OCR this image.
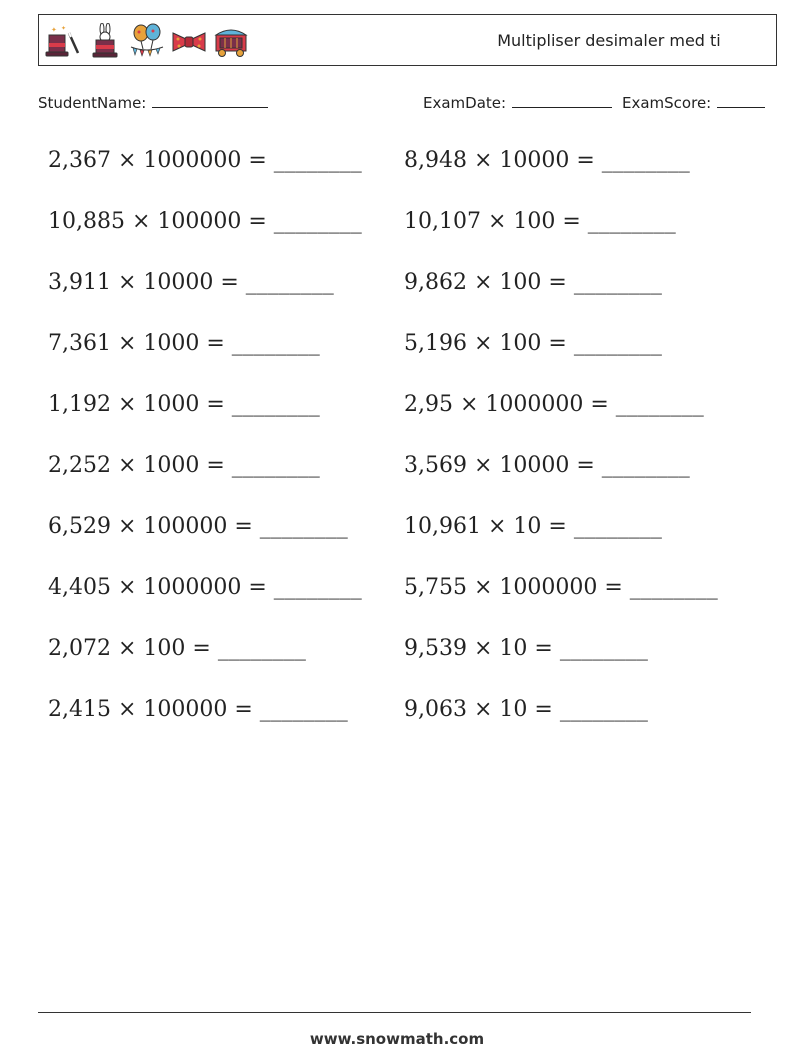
✦ ✦
Multipliser desimaler med ti
StudentName:	ExamDate:	ExamScore:
2,367 × 1000000 = ________
10,885 × 100000 = ________
3,911 × 10000 = ________
7,361 × 1000 = ________
1,192 × 1000 = ________
2,252 × 1000 = ________
6,529 × 100000 = ________
4,405 × 1000000 = ________
2,072 × 100 = ________
2,415 × 100000 = ________
8,948 × 10000 = ________
10,107 × 100 = ________
9,862 × 100 = ________
5,196 × 100 = ________
2,95 × 1000000 = ________
3,569 × 10000 = ________
10,961 × 10 = ________
5,755 × 1000000 = ________
9,539 × 10 = ________
9,063 × 10 = ________
www.snowmath.com
